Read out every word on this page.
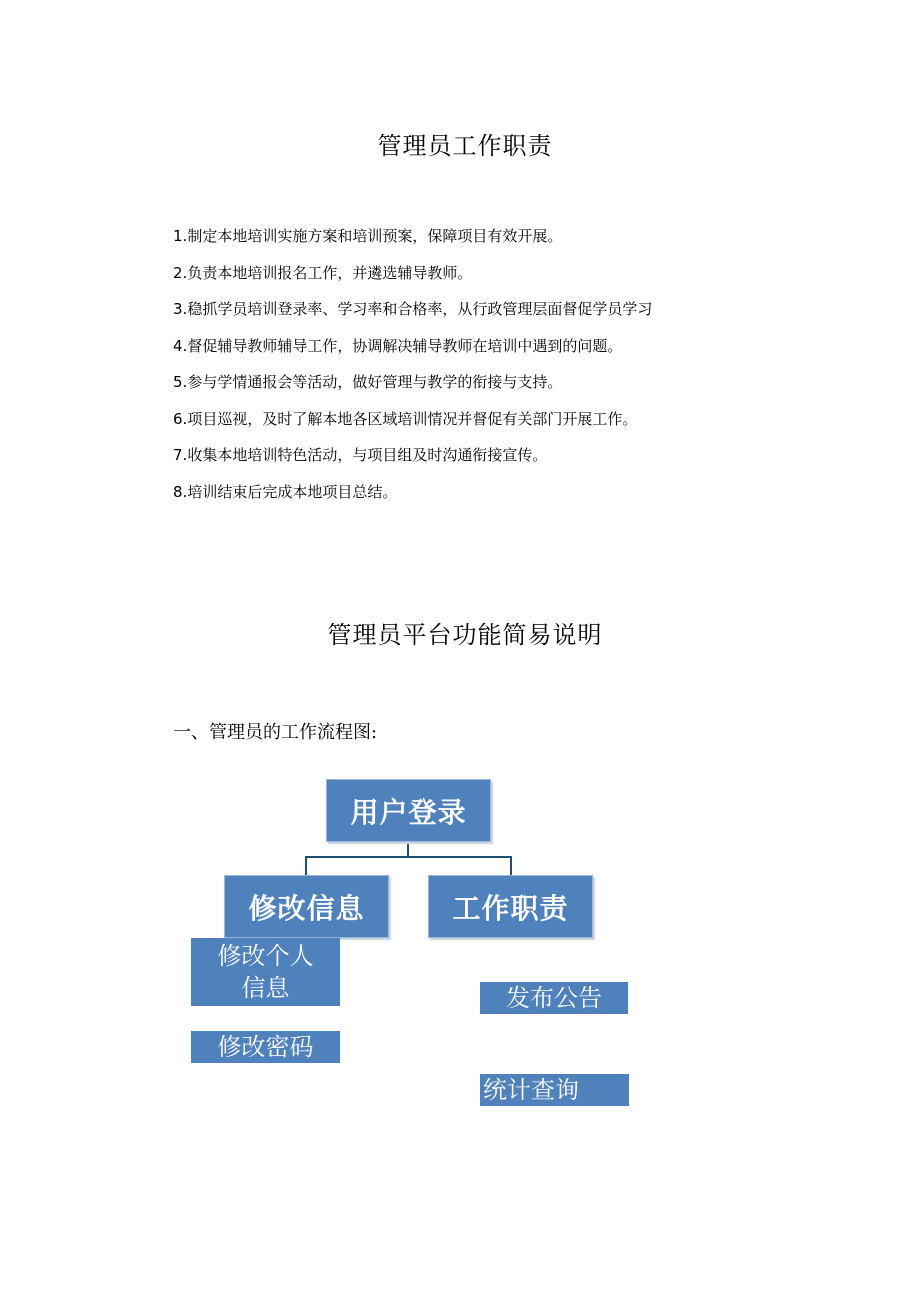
管理员工作职责
1.制定本地培训实施方案和培训预案，保障项目有效开展。
2.负责本地培训报名工作，并遴选辅导教师。
3.稳抓学员培训登录率、学习率和合格率，从行政管理层面督促学员学习
4.督促辅导教师辅导工作，协调解决辅导教师在培训中遇到的问题。
5.参与学情通报会等活动，做好管理与教学的衔接与支持。
6.项目巡视，及时了解本地各区域培训情况并督促有关部门开展工作。
7.收集本地培训特色活动，与项目组及时沟通衔接宣传。
8.培训结束后完成本地项目总结。
管理员平台功能简易说明
一、管理员的工作流程图:
用户登录
修改信息	工作职责
修改个人
信息
修改密码
发布公告
统计查询
